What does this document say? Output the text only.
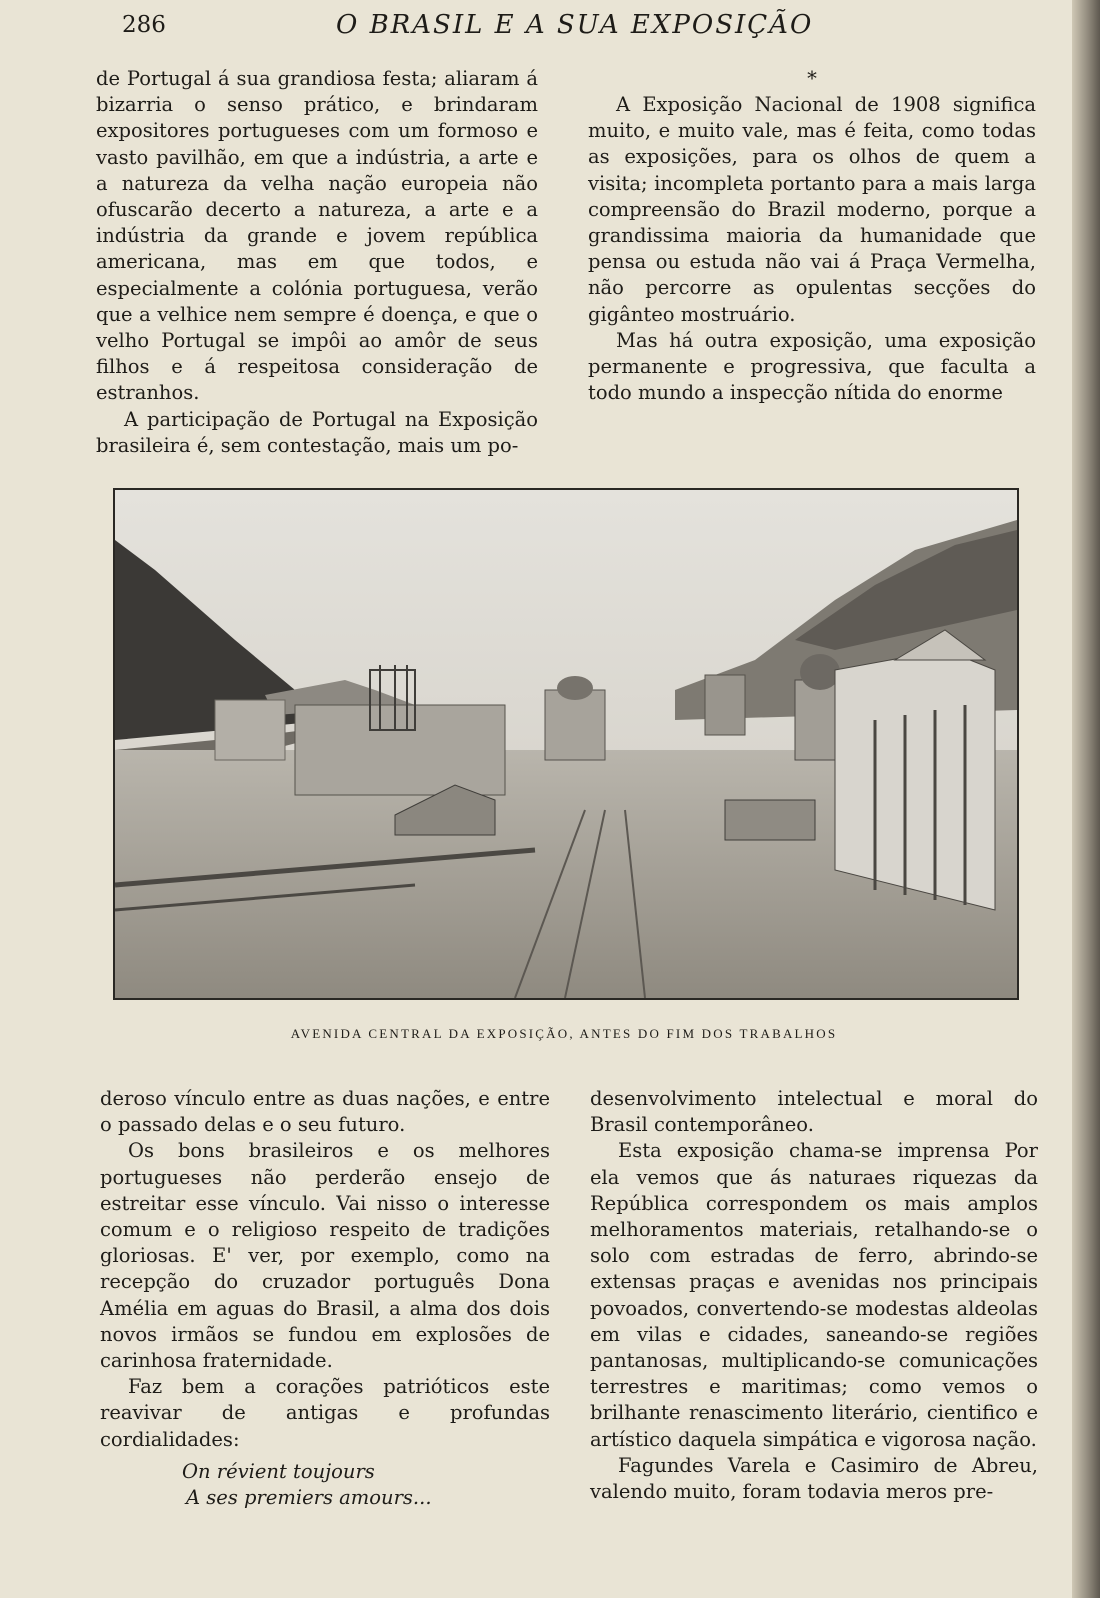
286	O BRASIL E A SUA EXPOSIÇÃO

de Portugal á sua grandiosa festa; aliaram á bizarria o senso prático, e brindaram expositores portugueses com um formoso e vasto pavilhão, em que a indústria, a arte e a natureza da velha nação europeia não ofuscarão decerto a natureza, a arte e a indústria da grande e jovem república americana, mas em que todos, e especialmente a colónia portuguesa, verão que a velhice nem sempre é doença, e que o velho Portugal se impôi ao amôr de seus filhos e á respeitosa consideração de estranhos.

A participação de Portugal na Exposição brasileira é, sem contestação, mais um po-

*

A Exposição Nacional de 1908 significa muito, e muito vale, mas é feita, como todas as exposições, para os olhos de quem a visita; incompleta portanto para a mais larga compreensão do Brazil moderno, porque a grandissima maioria da humanidade que pensa ou estuda não vai á Praça Vermelha, não percorre as opulentas secções do gigânteo mostruário.

Mas há outra exposição, uma exposição permanente e progressiva, que faculta a todo mundo a inspecção nítida do enorme

AVENIDA CENTRAL DA EXPOSIÇÃO, ANTES DO FIM DOS TRABALHOS

deroso vínculo entre as duas nações, e entre o passado delas e o seu futuro.

Os bons brasileiros e os melhores portugueses não perderão ensejo de estreitar esse vínculo. Vai nisso o interesse comum e o religioso respeito de tradições gloriosas. E' ver, por exemplo, como na recepção do cruzador português Dona Amélia em aguas do Brasil, a alma dos dois novos irmãos se fundou em explosões de carinhosa fraternidade.

Faz bem a corações patrióticos este reavivar de antigas e profundas cordialidades:

On révient toujours

A ses premiers amours...

desenvolvimento intelectual e moral do Brasil contemporâneo.

Esta exposição chama-se imprensa Por ela vemos que ás naturaes riquezas da República correspondem os mais amplos melhoramentos materiais, retalhando-se o solo com estradas de ferro, abrindo-se extensas praças e avenidas nos principais povoados, convertendo-se modestas aldeolas em vilas e cidades, saneando-se regiões pantanosas, multiplicando-se comunicações terrestres e maritimas; como vemos o brilhante renascimento literário, cientifico e artístico daquela simpática e vigorosa nação.

Fagundes Varela e Casimiro de Abreu, valendo muito, foram todavia meros pre-
